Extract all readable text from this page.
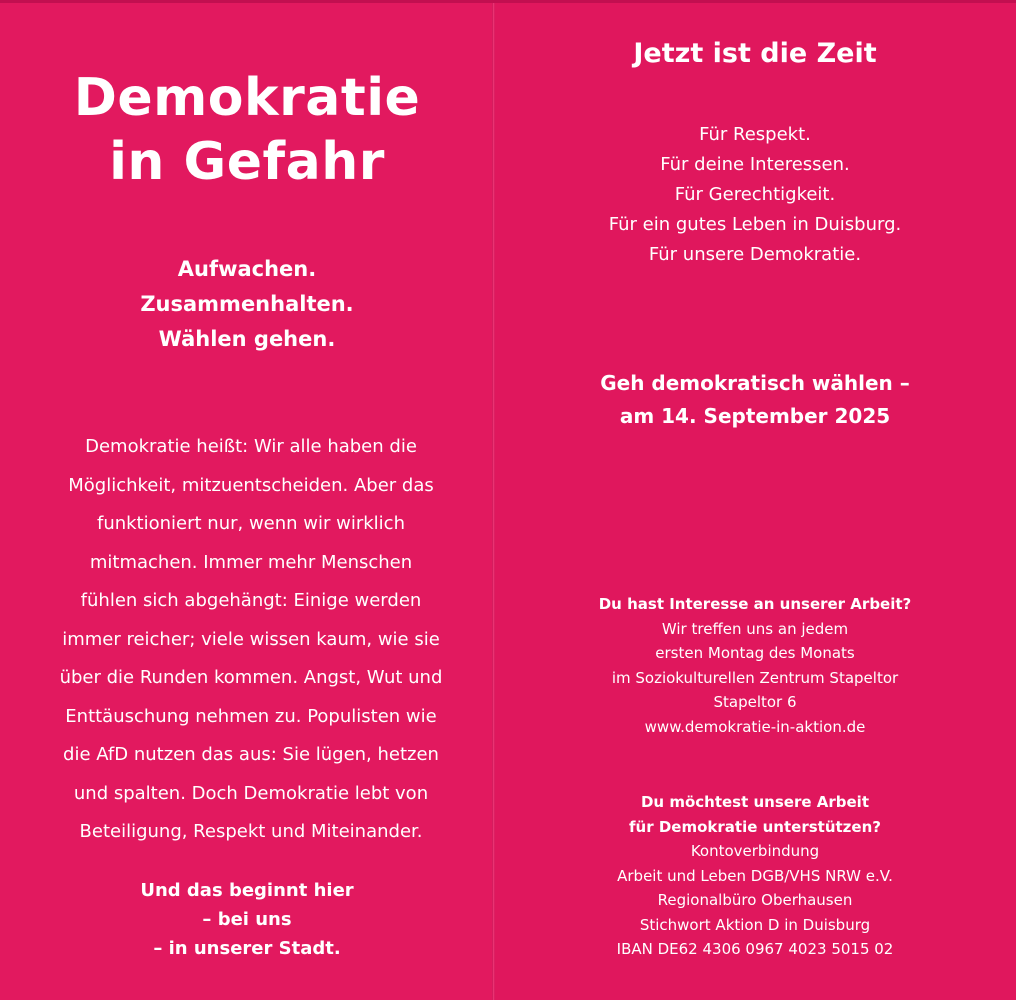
Demokratie
in Gefahr
Aufwachen.
Zusammenhalten.
Wählen gehen.
Demokratie heißt: Wir alle haben die
Möglichkeit, mitzuentscheiden. Aber das
funktioniert nur, wenn wir wirklich
mitmachen. Immer mehr Menschen
fühlen sich abgehängt: Einige werden
immer reicher; viele wissen kaum, wie sie
über die Runden kommen. Angst, Wut und
Enttäuschung nehmen zu. Populisten wie
die AfD nutzen das aus: Sie lügen, hetzen
und spalten. Doch Demokratie lebt von
Beteiligung, Respekt und Miteinander.
Und das beginnt hier
– bei uns
– in unserer Stadt.
Jetzt ist die Zeit
Für Respekt.
Für deine Interessen.
Für Gerechtigkeit.
Für ein gutes Leben in Duisburg.
Für unsere Demokratie.
Geh demokratisch wählen –
am 14. September 2025
Du hast Interesse an unserer Arbeit?
Wir treffen uns an jedem
ersten Montag des Monats
im Soziokulturellen Zentrum Stapeltor
Stapeltor 6
www.demokratie-in-aktion.de
Du möchtest unsere Arbeit
für Demokratie unterstützen?
Kontoverbindung
Arbeit und Leben DGB/VHS NRW e.V.
Regionalbüro Oberhausen
Stichwort Aktion D in Duisburg
IBAN DE62 4306 0967 4023 5015 02
